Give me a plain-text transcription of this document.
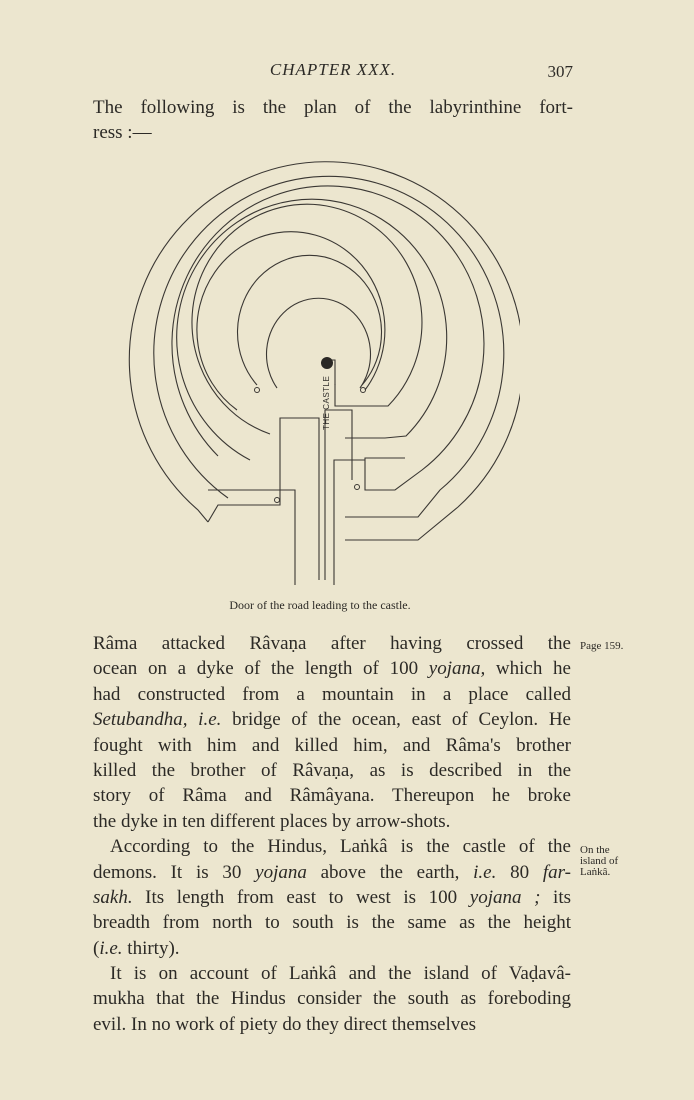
CHAPTER XXX.	307
The following is the plan of the labyrinthine fort-
ress :—
THE CASTLE
Door of the road leading to the castle.
Râma attacked Râvaṇa after having crossed the
ocean on a dyke of the length of 100 yojana, which he
had constructed from a mountain in a place called
Setubandha, i.e. bridge of the ocean, east of Ceylon. He
fought with him and killed him, and Râma's brother
killed the brother of Râvaṇa, as is described in the
story of Râma and Râmâyana. Thereupon he broke
the dyke in ten different places by arrow-shots.
According to the Hindus, Laṅkâ is the castle of the
demons. It is 30 yojana above the earth, i.e. 80 far-
sakh. Its length from east to west is 100 yojana ; its
breadth from north to south is the same as the height
(i.e. thirty).
It is on account of Laṅkâ and the island of Vaḍavâ-
mukha that the Hindus consider the south as foreboding
evil. In no work of piety do they direct themselves
Page 159.
On the
island of
Laṅkâ.
